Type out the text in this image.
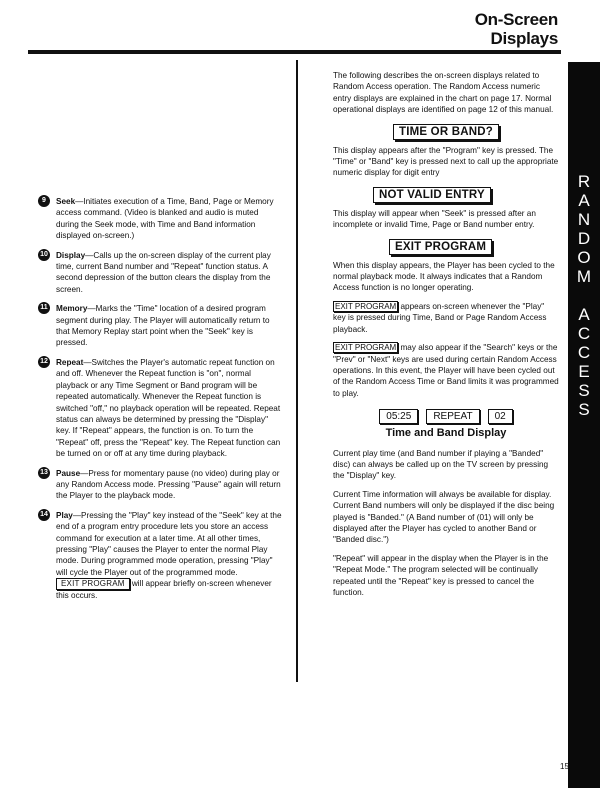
On-Screen
Displays
R
A
N
D
O
M

A
C
C
E
S
S
9	Seek—Initiates execution of a Time, Band, Page or Memory access command. (Video is blanked and audio is muted during the Seek mode, with Time and Band information displayed on-screen.)
10 Display—Calls up the on-screen display of the current play time, current Band number and "Repeat" function status. A second depression of the button clears the display from the screen.
11 Memory—Marks the "Time" location of a desired program segment during play. The Player will automatically return to that Memory Replay start point when the "Seek" key is pressed.
12 Repeat—Switches the Player's automatic repeat function on and off. Whenever the Repeat function is "on", normal playback or any Time Segment or Band program will be repeated automatically. Whenever the Repeat function is switched "off," no playback operation will be repeated. Repeat status can always be determined by pressing the "Display" key. If "Repeat" appears, the function is on. To turn the "Repeat" off, press the "Repeat" key. The Repeat function can be turned on or off at any time during playback.
13 Pause—Press for momentary pause (no video) during play or any Random Access mode. Pressing "Pause" again will return the Player to the playback mode.
14 Play—Pressing the "Play" key instead of the "Seek" key at the end of a program entry procedure lets you store an access command for execution at a later time. At all other times, pressing "Play" causes the Player to enter the normal Play mode. During programmed mode operation, pressing "Play" will cycle the Player out of the programmed mode. EXIT PROGRAM will appear briefly on-screen whenever this occurs.

The following describes the on-screen displays related to Random Access operation. The Random Access numeric entry displays are explained in the chart on page 17. Normal operational displays are identified on page 12 of this manual.

TIME OR BAND?

This display appears after the "Program" key is pressed. The "Time" or "Band" key is pressed next to call up the appropriate numeric display for digit entry

NOT VALID ENTRY

This display will appear when "Seek" is pressed after an incomplete or invalid Time, Page or Band number entry.

EXIT PROGRAM

When this display appears, the Player has been cycled to the normal playback mode. It always indicates that a Random Access function is no longer operating.

EXIT PROGRAM appears on-screen whenever the "Play" key is pressed during Time, Band or Page Random Access playback.

EXIT PROGRAM may also appear if the "Search" keys or the "Prev" or "Next" keys are used during certain Random Access operations. In this event, the Player will have been cycled out of the Random Access Time or Band limits it was programmed to play.

05:25	REPEAT	02
Time and Band Display

Current play time (and Band number if playing a "Banded" disc) can always be called up on the TV screen by pressing the "Display" key.

Current Time information will always be available for display. Current Band numbers will only be displayed if the disc being played is "Banded." (A Band number of (01) will only be displayed after the Player has cycled to another Band or "Banded disc.")

"Repeat" will appear in the display when the Player is in the "Repeat Mode." The program selected will be continually repeated until the "Repeat" key is pressed to cancel the function.

15
